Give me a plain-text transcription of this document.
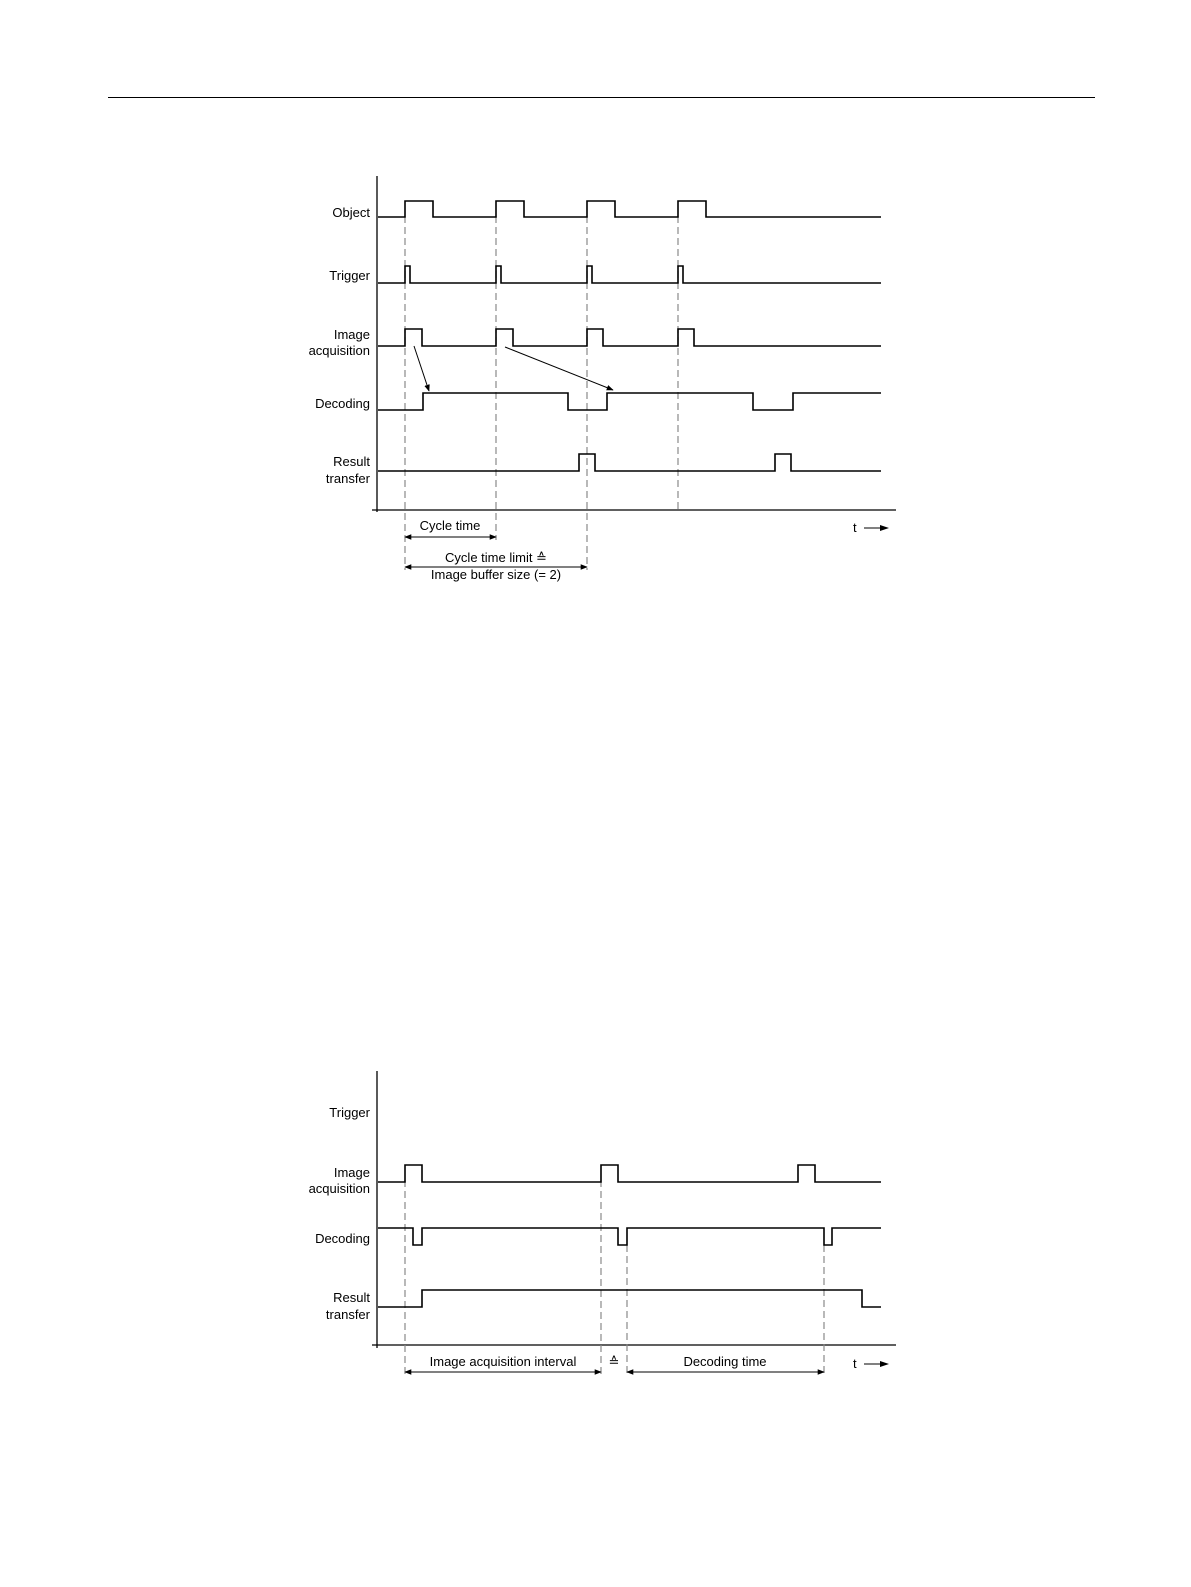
Object
Trigger
Image
acquisition
Decoding
Result
transfer
t
Cycle time
Cycle time limit ≙
Image buffer size (= 2)
Trigger
Image
acquisition
Decoding
Result
transfer
t
Image acquisition interval ≙	Decoding time
